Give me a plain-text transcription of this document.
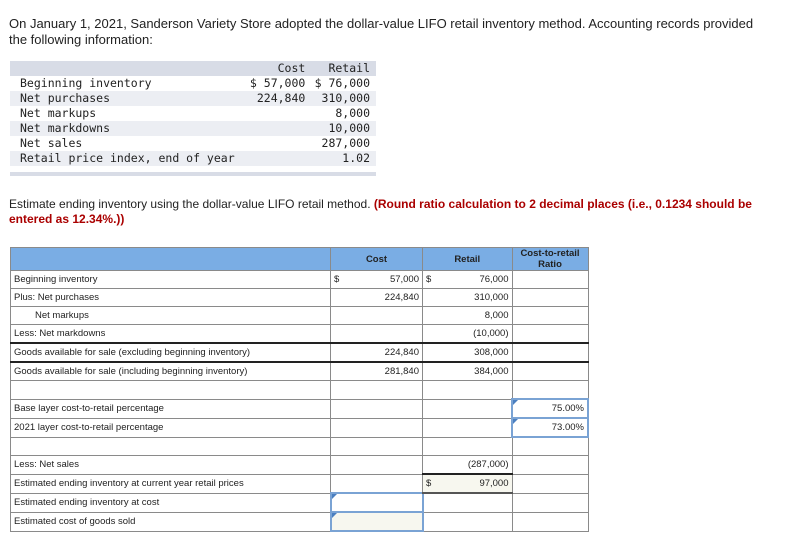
On January 1, 2021, Sanderson Variety Store adopted the dollar-value LIFO retail inventory method. Accounting records provided the following information:
	Cost	Retail
Beginning inventory	$ 57,000	$ 76,000
Net purchases	224,840	310,000
Net markups		8,000
Net markdowns		10,000
Net sales		287,000
Retail price index, end of year		1.02
Estimate ending inventory using the dollar-value LIFO retail method. (Round ratio calculation to 2 decimal places (i.e., 0.1234 should be entered as 12.34%.))
	Cost	Retail	Cost-to-retail Ratio
Beginning inventory	$ 57,000	$ 76,000	
Plus: Net purchases	224,840	310,000	
Net markups		8,000	
Less: Net markdowns		(10,000)	
Goods available for sale (excluding beginning inventory)	224,840	308,000	
Goods available for sale (including beginning inventory)	281,840	384,000	

Base layer cost-to-retail percentage			75.00%
2021 layer cost-to-retail percentage			73.00%

Less: Net sales		(287,000)	
Estimated ending inventory at current year retail prices		$ 97,000	
Estimated ending inventory at cost			
Estimated cost of goods sold			
